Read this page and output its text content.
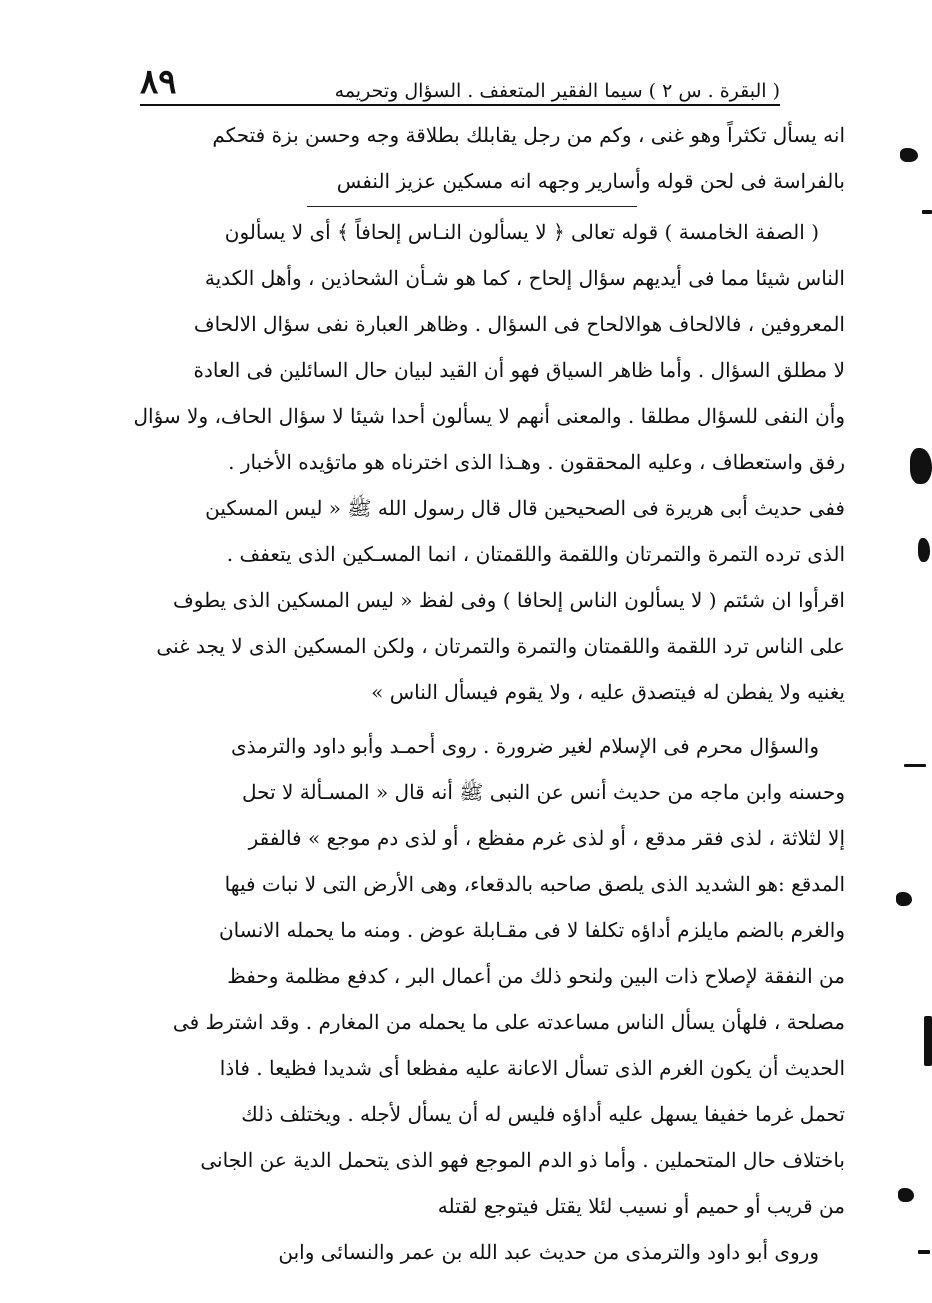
٨٩	( البقرة . س ٢ ) سيما الفقير المتعفف . السؤال وتحريمه
انه يسأل تكثراً وهو غنى ، وكم من رجل يقابلك بطلاقة وجه وحسن بزة فتحكم
بالفراسة فى لحن قوله وأسارير وجهه انه مسكين عزيز النفس
( الصفة الخامسة ) قوله تعالى ﴿ لا يسألون النـاس إلحافاً ﴾ أى لا يسألون
الناس شيئا مما فى أيديهم سؤال إلحاح ، كما هو شـأن الشحاذين ، وأهل الكدية
المعروفين ، فالالحاف هوالالحاح فى السؤال . وظاهر العبارة نفى سؤال الالحاف
لا مطلق السؤال . وأما ظاهر السياق فهو أن القيد لبيان حال السائلين فى العادة
وأن النفى للسؤال مطلقا . والمعنى أنهم لا يسألون أحدا شيئا لا سؤال الحاف، ولا سؤال
رفق واستعطاف ، وعليه المحققون . وهـذا الذى اخترناه هو ماتؤيده الأخبار .
ففى حديث أبى هريرة فى الصحيحين قال قال رسول الله ﷺ « ليس المسكين
الذى ترده التمرة والتمرتان واللقمة واللقمتان ، انما المسـكين الذى يتعفف .
اقرأوا ان شئتم ( لا يسألون الناس إلحافا ) وفى لفظ « ليس المسكين الذى يطوف
على الناس ترد اللقمة واللقمتان والتمرة والتمرتان ، ولكن المسكين الذى لا يجد غنى
يغنيه ولا يفطن له فيتصدق عليه ، ولا يقوم فيسأل الناس »
والسؤال محرم فى الإسلام لغير ضرورة . روى أحمـد وأبو داود والترمذى
وحسنه وابن ماجه من حديث أنس عن النبى ﷺ أنه قال « المسـألة لا تحل
إلا لثلاثة ، لذى فقر مدقع ، أو لذى غرم مفظع ، أو لذى دم موجع » فالفقر
المدقع :هو الشديد الذى يلصق صاحبه بالدقعاء، وهى الأرض التى لا نبات فيها
والغرم بالضم مايلزم أداؤه تكلفا لا فى مقـابلة عوض . ومنه ما يحمله الانسان
من النفقة لإصلاح ذات البين ولنحو ذلك من أعمال البر ، كدفع مظلمة وحفظ
مصلحة ، فلهأن يسأل الناس مساعدته على ما يحمله من المغارم . وقد اشترط فى
الحديث أن يكون الغرم الذى تسأل الاعانة عليه مفظعا أى شديدا فظيعا . فاذا
تحمل غرما خفيفا يسهل عليه أداؤه فليس له أن يسأل لأجله . ويختلف ذلك
باختلاف حال المتحملين . وأما ذو الدم الموجع فهو الذى يتحمل الدية عن الجانى
من قريب أو حميم أو نسيب لئلا يقتل فيتوجع لقتله
وروى أبو داود والترمذى من حديث عبد الله بن عمر والنسائى وابن
